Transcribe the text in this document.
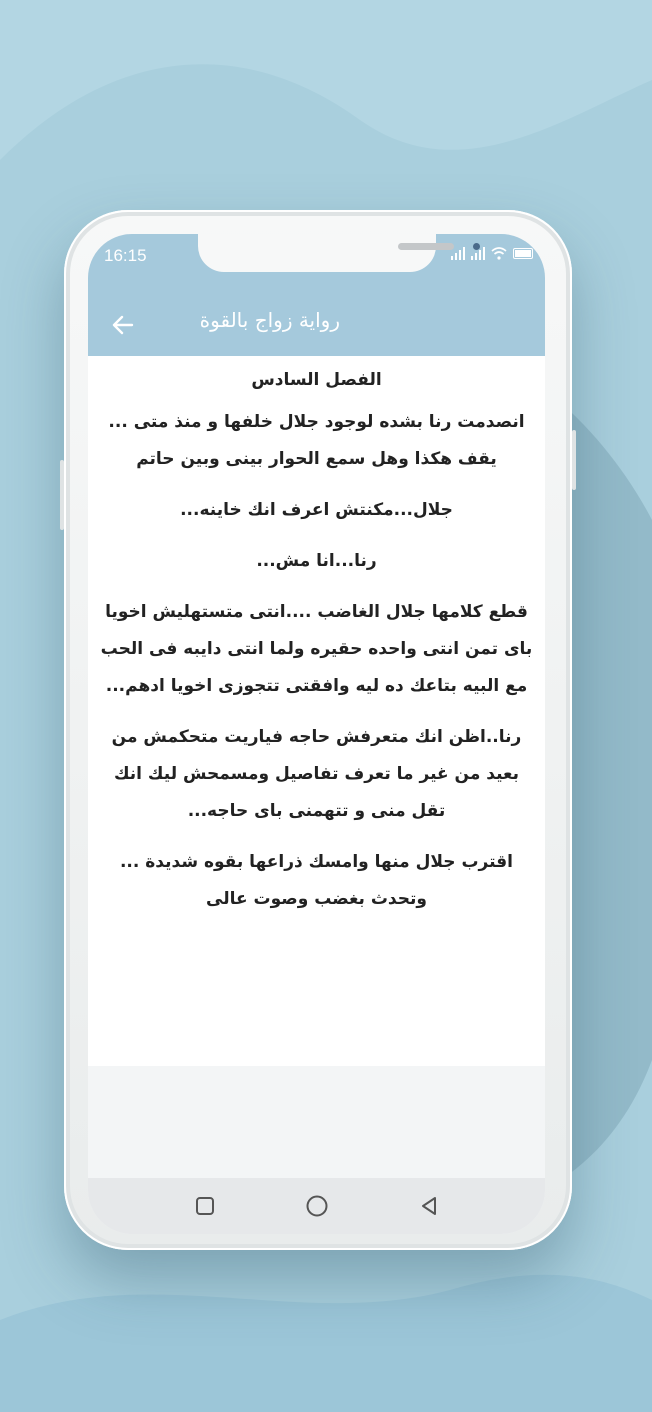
16:15
رواية زواج بالقوة
الفصل السادس
انصدمت رنا بشده لوجود جلال خلفها و منذ متى ... يقف هكذا وهل سمع الحوار بينى وبين حاتم
جلال...مكنتش اعرف انك خاينه...
رنا...انا مش...
قطع كلامها جلال الغاضب ....انتى متستهليش اخويا باى تمن انتى واحده حقيره ولما انتى دايبه فى الحب مع البيه بتاعك ده ليه وافقتى تتجوزى اخويا ادهم...
رنا..اظن انك متعرفش حاجه فياريت متحكمش من بعيد من غير ما تعرف تفاصيل ومسمحش ليك انك تقل منى و تتهمنى باى حاجه...
اقترب جلال منها وامسك ذراعها بقوه شديدة ... وتحدث بغضب وصوت عالى
